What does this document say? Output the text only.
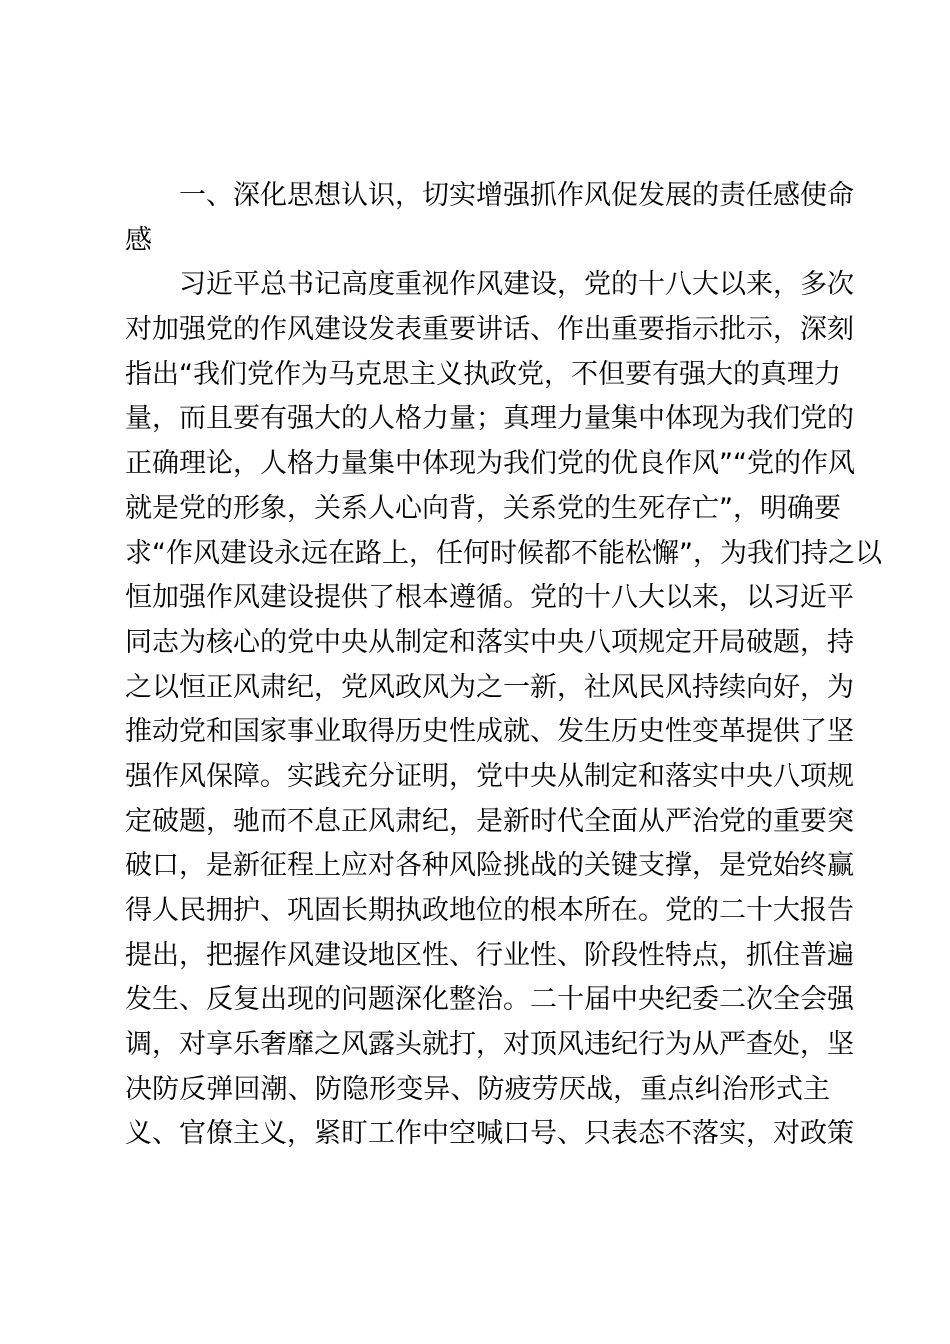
一、深化思想认识，切实增强抓作风促发展的责任感使命
感
习近平总书记高度重视作风建设，党的十八大以来，多次
对加强党的作风建设发表重要讲话、作出重要指示批示，深刻
指出“我们党作为马克思主义执政党，不但要有强大的真理力
量，而且要有强大的人格力量；真理力量集中体现为我们党的
正确理论，人格力量集中体现为我们党的优良作风”“党的作风
就是党的形象，关系人心向背，关系党的生死存亡”，明确要
求“作风建设永远在路上，任何时候都不能松懈”，为我们持之以
恒加强作风建设提供了根本遵循。党的十八大以来，以习近平
同志为核心的党中央从制定和落实中央八项规定开局破题，持
之以恒正风肃纪，党风政风为之一新，社风民风持续向好，为
推动党和国家事业取得历史性成就、发生历史性变革提供了坚
强作风保障。实践充分证明，党中央从制定和落实中央八项规
定破题，驰而不息正风肃纪，是新时代全面从严治党的重要突
破口，是新征程上应对各种风险挑战的关键支撑，是党始终赢
得人民拥护、巩固长期执政地位的根本所在。党的二十大报告
提出，把握作风建设地区性、行业性、阶段性特点，抓住普遍
发生、反复出现的问题深化整治。二十届中央纪委二次全会强
调，对享乐奢靡之风露头就打，对顶风违纪行为从严查处，坚
决防反弹回潮、防隐形变异、防疲劳厌战，重点纠治形式主
义、官僚主义，紧盯工作中空喊口号、只表态不落实，对政策
